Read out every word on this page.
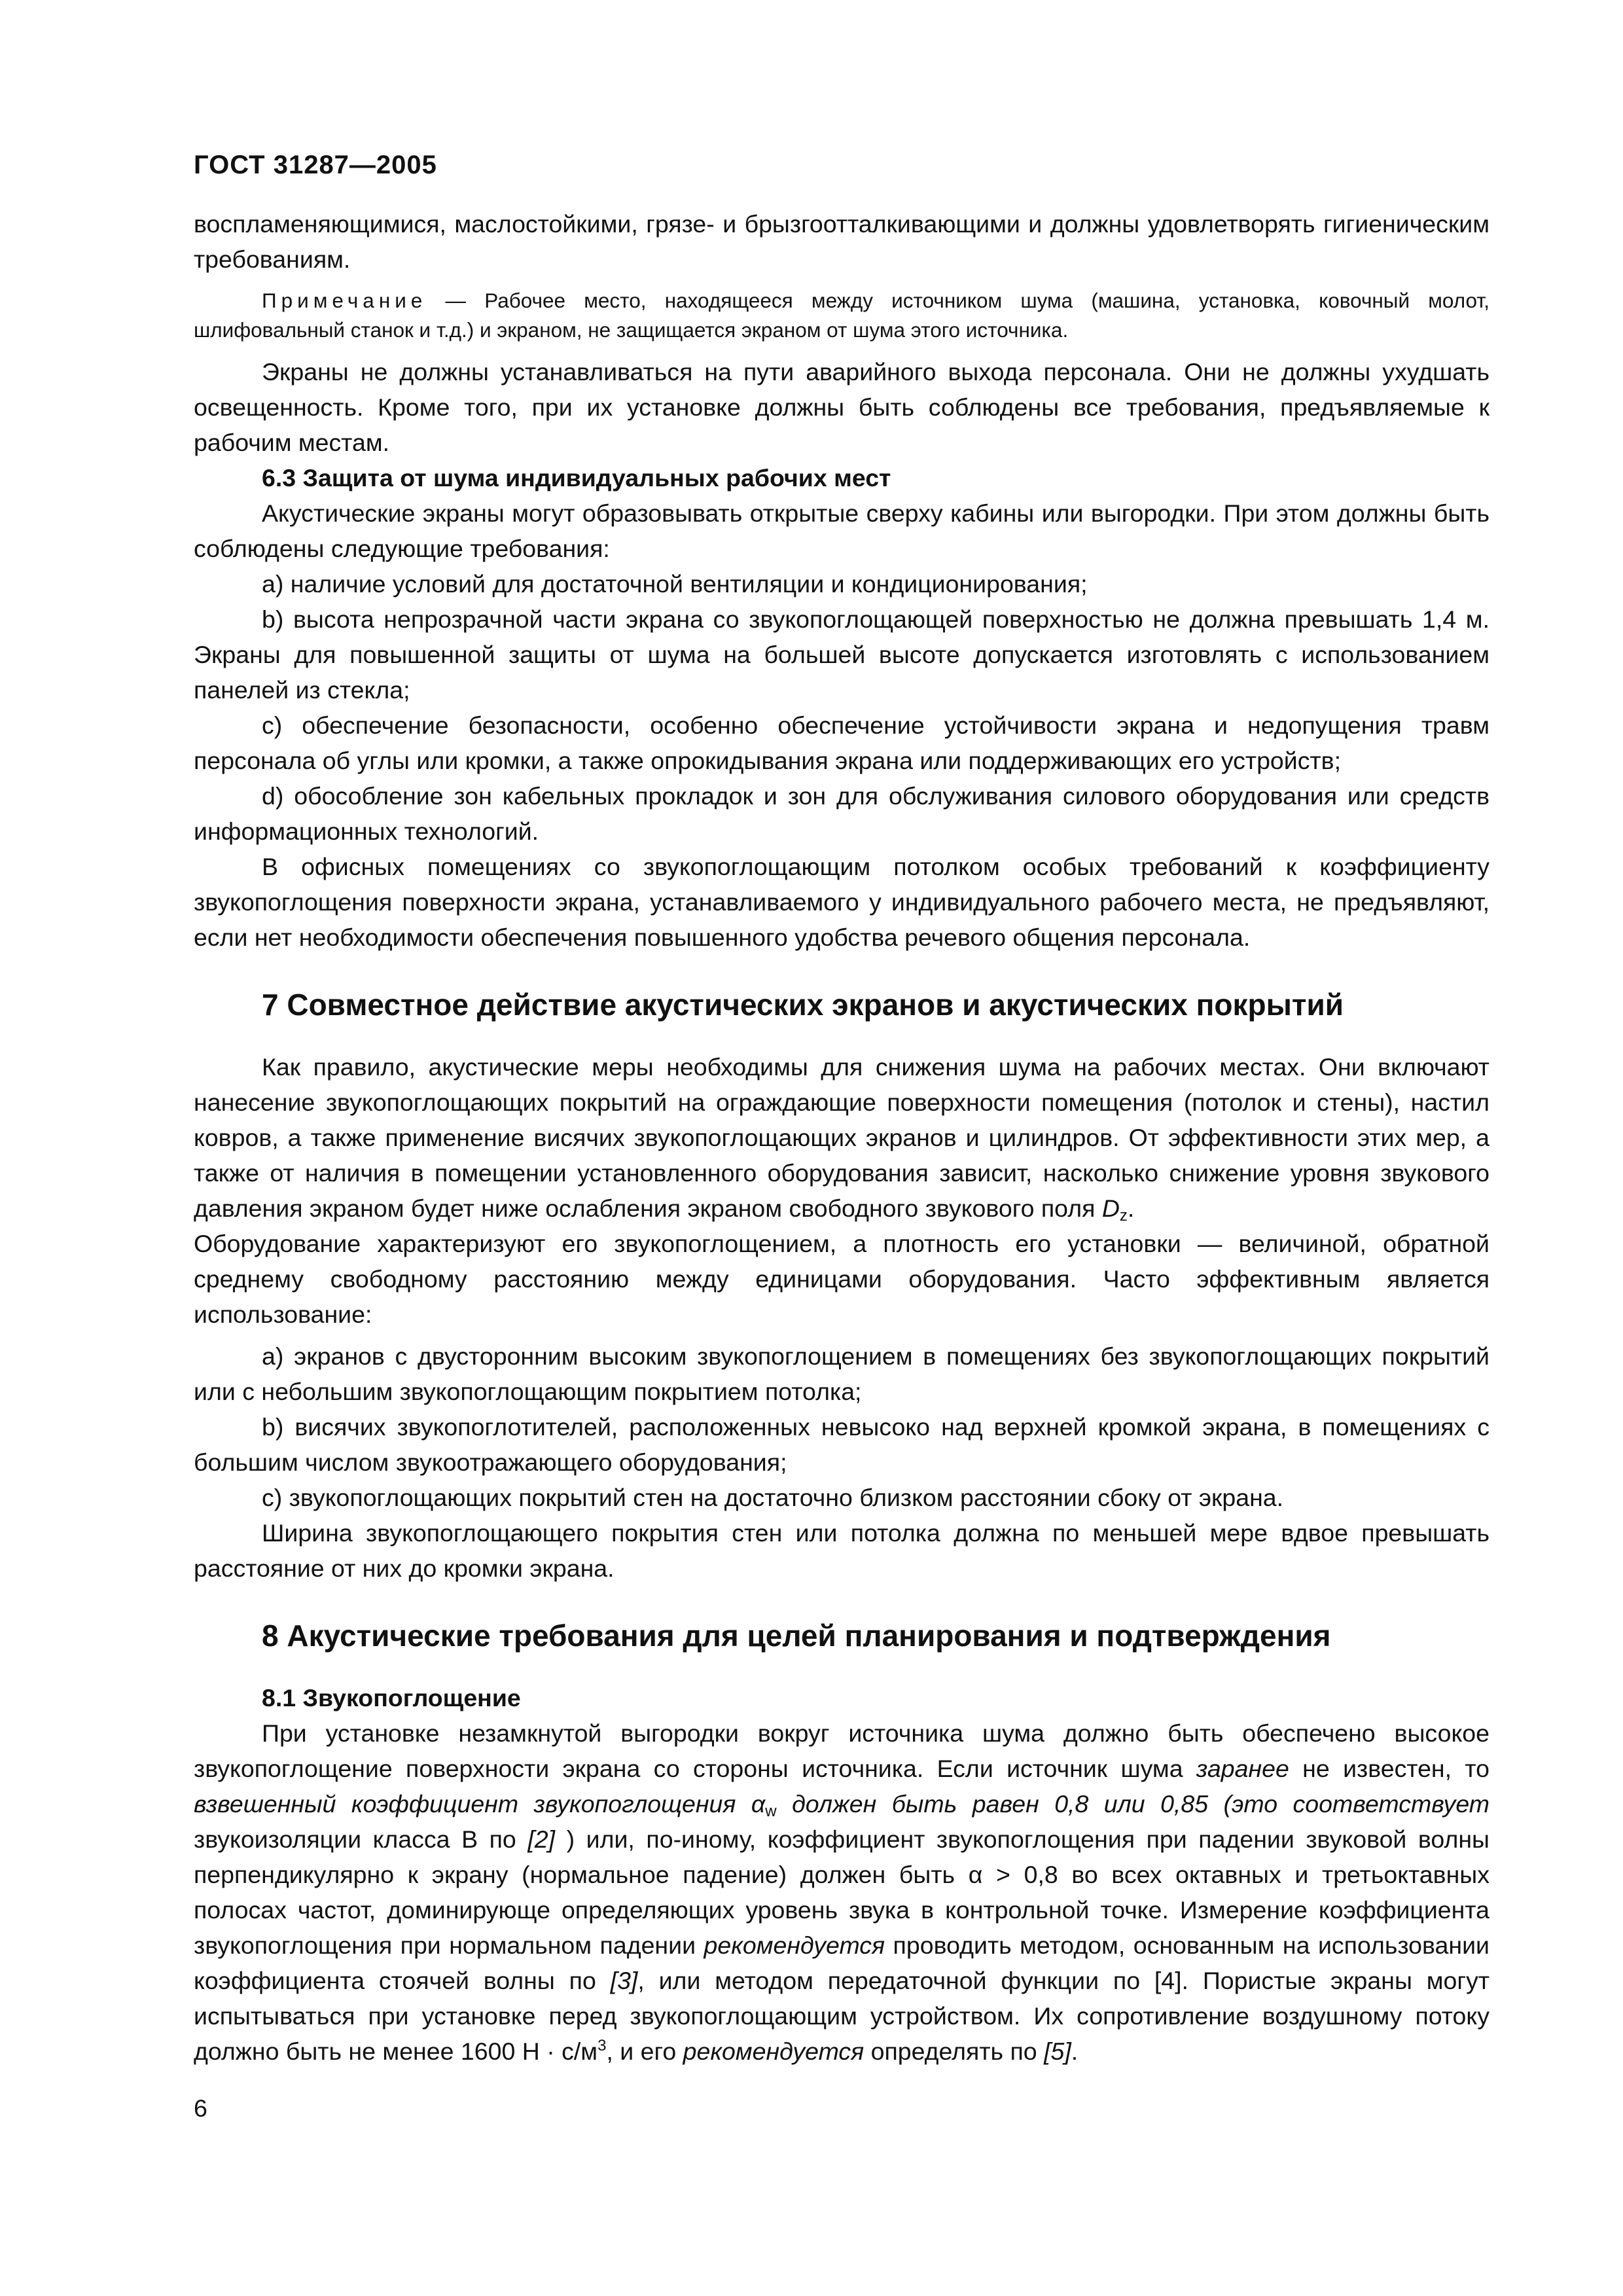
ГОСТ 31287—2005

воспламеняющимися, маслостойкими, грязе- и брызгоотталкивающими и должны удовлетворять гигиеническим требованиям.

Примечание — Рабочее место, находящееся между источником шума (машина, установка, ковочный молот, шлифовальный станок и т.д.) и экраном, не защищается экраном от шума этого источника.

Экраны не должны устанавливаться на пути аварийного выхода персонала. Они не должны ухудшать освещенность. Кроме того, при их установке должны быть соблюдены все требования, предъявляемые к рабочим местам.

6.3 Защита от шума индивидуальных рабочих мест

Акустические экраны могут образовывать открытые сверху кабины или выгородки. При этом должны быть соблюдены следующие требования:

а) наличие условий для достаточной вентиляции и кондиционирования;

b) высота непрозрачной части экрана со звукопоглощающей поверхностью не должна превышать 1,4 м. Экраны для повышенной защиты от шума на большей высоте допускается изготовлять с использованием панелей из стекла;

с) обеспечение безопасности, особенно обеспечение устойчивости экрана и недопущения травм персонала об углы или кромки, а также опрокидывания экрана или поддерживающих его устройств;

d) обособление зон кабельных прокладок и зон для обслуживания силового оборудования или средств информационных технологий.

В офисных помещениях со звукопоглощающим потолком особых требований к коэффициенту звукопоглощения поверхности экрана, устанавливаемого у индивидуального рабочего места, не предъявляют, если нет необходимости обеспечения повышенного удобства речевого общения персонала.

7 Совместное действие акустических экранов и акустических покрытий

Как правило, акустические меры необходимы для снижения шума на рабочих местах. Они включают нанесение звукопоглощающих покрытий на ограждающие поверхности помещения (потолок и стены), настил ковров, а также применение висячих звукопоглощающих экранов и цилиндров. От эффективности этих мер, а также от наличия в помещении установленного оборудования зависит, насколько снижение уровня звукового давления экраном будет ниже ослабления экраном свободного звукового поля $D_z$.

Оборудование характеризуют его звукопоглощением, а плотность его установки — величиной, обратной среднему свободному расстоянию между единицами оборудования. Часто эффективным является использование:

а) экранов с двусторонним высоким звукопоглощением в помещениях без звукопоглощающих покрытий или с небольшим звукопоглощающим покрытием потолка;

b) висячих звукопоглотителей, расположенных невысоко над верхней кромкой экрана, в помещениях с большим числом звукоотражающего оборудования;

с) звукопоглощающих покрытий стен на достаточно близком расстоянии сбоку от экрана.

Ширина звукопоглощающего покрытия стен или потолка должна по меньшей мере вдвое превышать расстояние от них до кромки экрана.

8 Акустические требования для целей планирования и подтверждения
8.1 Звукопоглощение

При установке незамкнутой выгородки вокруг источника шума должно быть обеспечено высокое звукопоглощение поверхности экрана со стороны источника. Если источник шума заранее не известен, то взвешенный коэффициент звукопоглощения $\alpha_w$ должен быть равен 0,8 или 0,85 (это соответствует звукоизоляции класса В по [2] ) или, по-иному, коэффициент звукопоглощения при падении звуковой волны перпендикулярно к экрану (нормальное падение) должен быть α > 0,8 во всех октавных и третьоктавных полосах частот, доминирующе определяющих уровень звука в контрольной точке. Измерение коэффициента звукопоглощения при нормальном падении рекомендуется проводить методом, основанным на использовании коэффициента стоячей волны по [3], или методом передаточной функции по [4]. Пористые экраны могут испытываться при установке перед звукопоглощающим устройством. Их сопротивление воздушному потоку должно быть не менее 1600 $Н \cdot с/м^3$, и его рекомендуется определять по [5].

6
